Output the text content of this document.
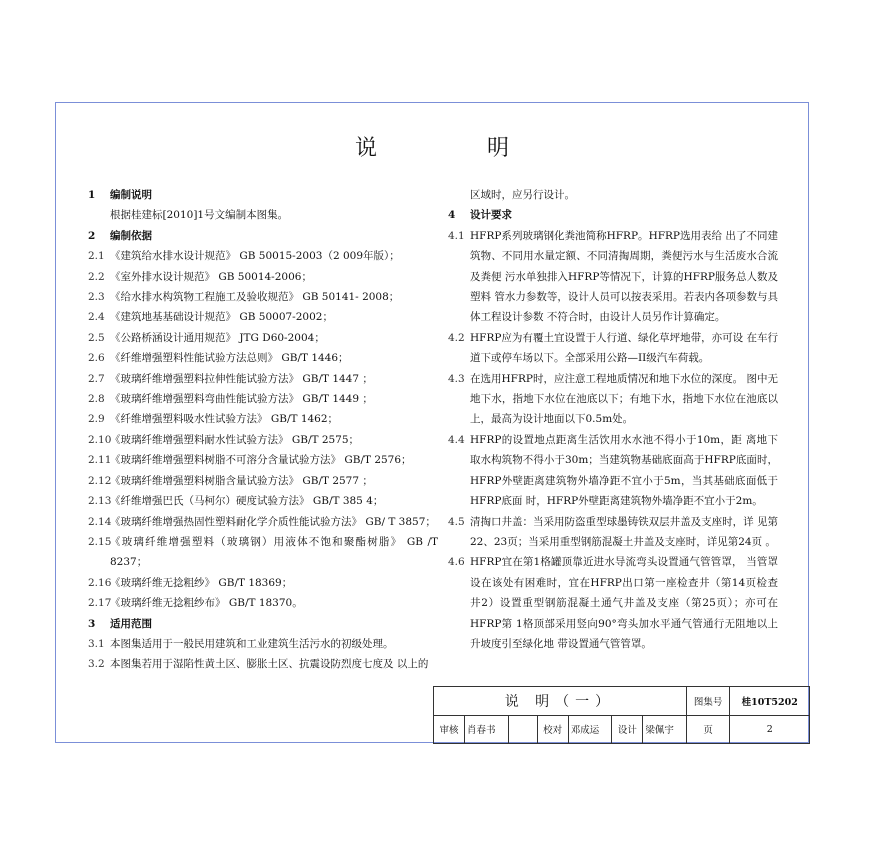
说　明
1	编制说明
根据桂建标[2010]1号文编制本图集。
2	编制依据
2.1 《建筑给水排水设计规范》 GB 50015-2003（2 009年版）；
2.2 《室外排水设计规范》 GB 50014-2006；
2.3 《给水排水构筑物工程施工及验收规范》 GB 50141- 2008；
2.4 《建筑地基基础设计规范》 GB 50007-2002；
2.5 《公路桥涵设计通用规范》 JTG D60-2004；
2.6 《纤维增强塑料性能试验方法总则》 GB/T 1446；
2.7 《玻璃纤维增强塑料拉伸性能试验方法》 GB/T 1447 ；
2.8 《玻璃纤维增强塑料弯曲性能试验方法》 GB/T 1449 ；
2.9 《纤维增强塑料吸水性试验方法》 GB/T 1462；
2.10
《玻璃纤维增强塑料耐水性试验方法》 GB/T 2575；
2.11
《玻璃纤维增强塑料树脂不可溶分含量试验方法》 GB/T 2576；
2.12
《玻璃纤维增强塑料树脂含量试验方法》 GB/T 2577 ；
2.13
《纤维增强巴氏（马柯尔）硬度试验方法》 GB/T 385 4；
2.14
《玻璃纤维增强热固性塑料耐化学介质性能试验方法》 GB/ T 3857；
2.15
《玻璃纤维增强塑料（玻璃钢）用液体不饱和聚酯树脂》 GB /T 8237；
2.16
《玻璃纤维无捻粗纱》 GB/T 18369；
2.17
《玻璃纤维无捻粗纱布》 GB/T 18370。
3	适用范围
3.1 本图集适用于一般民用建筑和工业建筑生活污水的初级处理。
3.2 本图集若用于湿陷性黄土区、膨胀土区、抗震设防烈度七度及 以上的
区域时，应另行设计。
4	设计要求
4.1 HFRP系列玻璃钢化粪池简称HFRP。HFRP选用表给 出了不同建筑物、不同用水量定额、不同清掏周期，粪便污水与生活废水合流及粪便 污水单独排入HFRP等情况下，计算的HFRP服务总人数及塑料 管水力参数等，设计人员可以按表采用。若表内各项参数与具体工程设计参数 不符合时，由设计人员另作计算确定。
4.2 HFRP应为有覆土宜设置于人行道、绿化草坪地带，亦可设 在车行道下或停车场以下。全部采用公路—II级汽车荷载。
4.3 在选用HFRP时，应注意工程地质情况和地下水位的深度。 图中无地下水，指地下水位在池底以下；有地下水，指地下水位在池底以 上，最高为设计地面以下0.5m处。
4.4 HFRP的设置地点距离生活饮用水水池不得小于10m，距 离地下取水构筑物不得小于30m；当建筑物基础底面高于HFRP底面时， HFRP外壁距离建筑物外墙净距不宜小于5m，当其基础底面低于HFRP底面 时，HFRP外壁距离建筑物外墙净距不宜小于2m。
4.5 清掏口井盖：当采用防盗重型球墨铸铁双层井盖及支座时，详 见第22、23页；当采用重型钢筋混凝土井盖及支座时，详见第24页 。
4.6 HFRP宜在第1格罐顶靠近进水导流弯头设置通气管管罩， 当管罩设在该处有困难时，宜在HFRP出口第一座检查井（第14页检查 井2）设置重型钢筋混凝土通气井盖及支座（第25页）；亦可在HFRP第 1格顶部采用竖向90°弯头加水平通气管通行无阻地以上升坡度引至绿化地 带设置通气管管罩。
说 明（一）							图集号	桂10T5202
审核	肖春书		校对	邓成运	设计	梁佩宇	页	2
